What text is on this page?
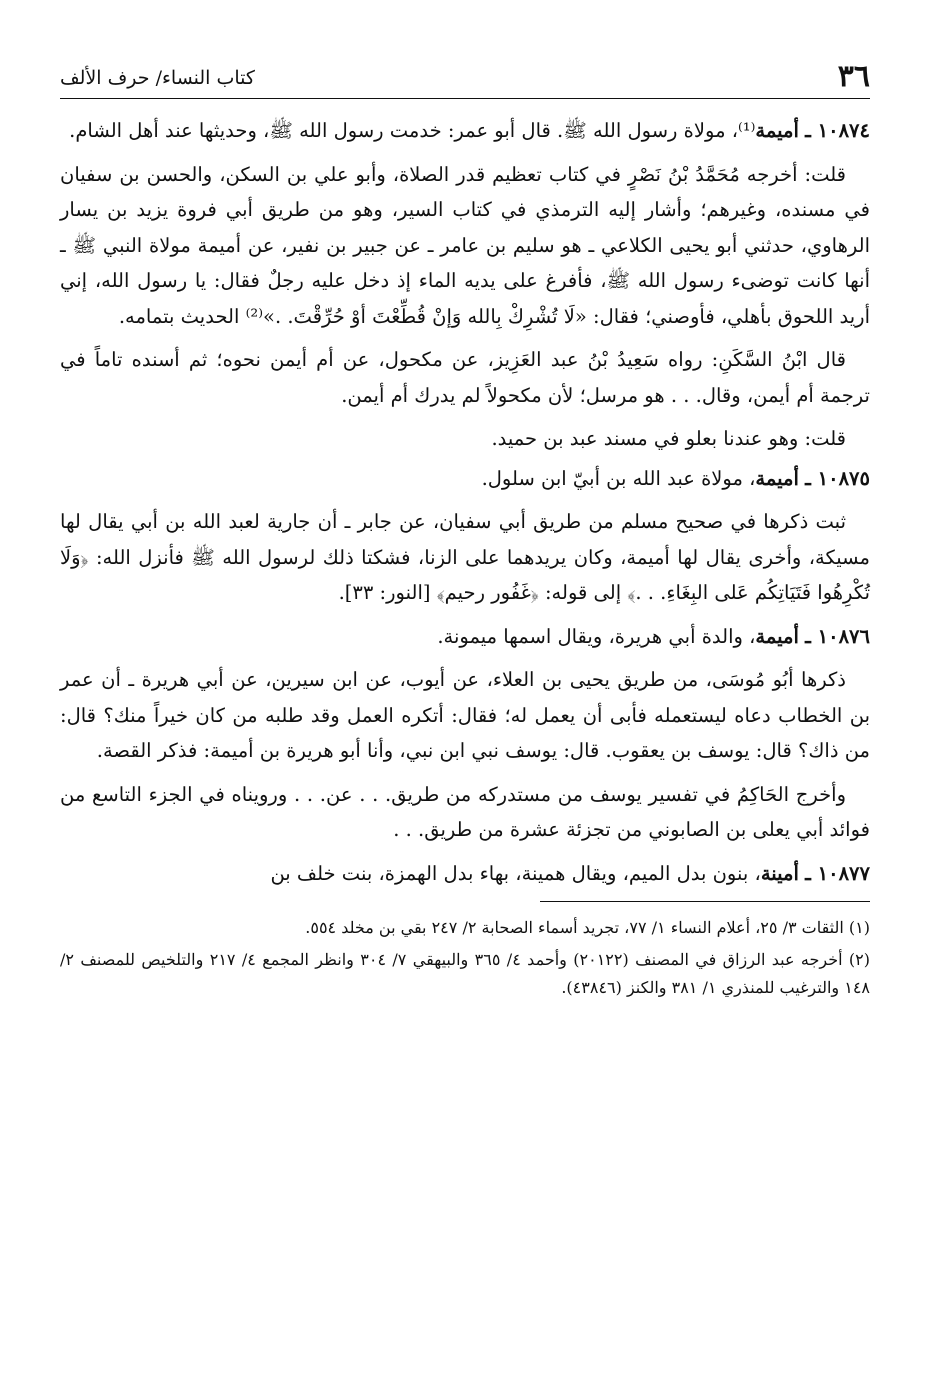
٣٦
كتاب النساء/ حرف الألف

١٠٨٧٤ ـ أميمة⁽¹⁾، مولاة رسول الله ﷺ. قال أبو عمر: خدمت رسول الله ﷺ، وحديثها عند أهل الشام.

قلت: أخرجه مُحَمَّدُ بْنُ نَصْرٍ في كتاب تعظيم قدر الصلاة، وأبو علي بن السكن، والحسن بن سفيان في مسنده، وغيرهم؛ وأشار إليه الترمذي في كتاب السير، وهو من طريق أبي فروة يزيد بن يسار الرهاوي، حدثني أبو يحيى الكلاعي ـ هو سليم بن عامر ـ عن جبير بن نفير، عن أميمة مولاة النبي ﷺ ـ أنها كانت توضىء رسول الله ﷺ، فأفرغ على يديه الماء إذ دخل عليه رجلٌ فقال: يا رسول الله، إني أريد اللحوق بأهلي، فأوصني؛ فقال: «لَا تُشْرِكْ بِالله وَإنْ قُطِّعْتَ أوْ حُرِّقْتَ. .»⁽²⁾ الحديث بتمامه.

قال ابْنُ السَّكَنِ: رواه سَعِيدُ بْنُ عبد العَزِيز، عن مكحول، عن أم أيمن نحوه؛ ثم أسنده تاماً في ترجمة أم أيمن، وقال. . . هو مرسل؛ لأن مكحولاً لم يدرك أم أيمن.

قلت: وهو عندنا بعلو في مسند عبد بن حميد.

١٠٨٧٥ ـ أميمة، مولاة عبد الله بن أبيّ ابن سلول.

ثبت ذكرها في صحيح مسلم من طريق أبي سفيان، عن جابر ـ أن جارية لعبد الله بن أبي يقال لها مسيكة، وأخرى يقال لها أميمة، وكان يريدهما على الزنا، فشكتا ذلك لرسول الله ﷺ فأنزل الله: ﴿وَلَا تُكْرِهُوا فَتَيَاتِكُم عَلى البِغَاءِ. . .﴾ إلى قوله: ﴿غَفُور رحيم﴾ [النور: ٣٣].

١٠٨٧٦ ـ أميمة، والدة أبي هريرة، ويقال اسمها ميمونة.

ذكرها أبُو مُوسَى، من طريق يحيى بن العلاء، عن أيوب، عن ابن سيرين، عن أبي هريرة ـ أن عمر بن الخطاب دعاه ليستعمله فأبى أن يعمل له؛ فقال: أتكره العمل وقد طلبه من كان خيراً منك؟ قال: من ذاك؟ قال: يوسف بن يعقوب. قال: يوسف نبي ابن نبي، وأنا أبو هريرة بن أميمة: فذكر القصة.

وأخرج الحَاكِمُ في تفسير يوسف من مستدركه من طريق. . . عن. . . ورويناه في الجزء التاسع من فوائد أبي يعلى بن الصابوني من تجزئة عشرة من طريق. . .

١٠٨٧٧ ـ أمينة، بنون بدل الميم، ويقال همينة، بهاء بدل الهمزة، بنت خلف بن

(١) الثقات ٣/ ٢٥، أعلام النساء ١/ ٧٧، تجريد أسماء الصحابة ٢/ ٢٤٧ بقي بن مخلد ٥٥٤.

(٢) أخرجه عبد الرزاق في المصنف (٢٠١٢٢) وأحمد ٤/ ٣٦٥ والبيهقي ٧/ ٣٠٤ وانظر المجمع ٤/ ٢١٧ والتلخيص للمصنف ٢/ ١٤٨ والترغيب للمنذري ١/ ٣٨١ والكنز (٤٣٨٤٦).
